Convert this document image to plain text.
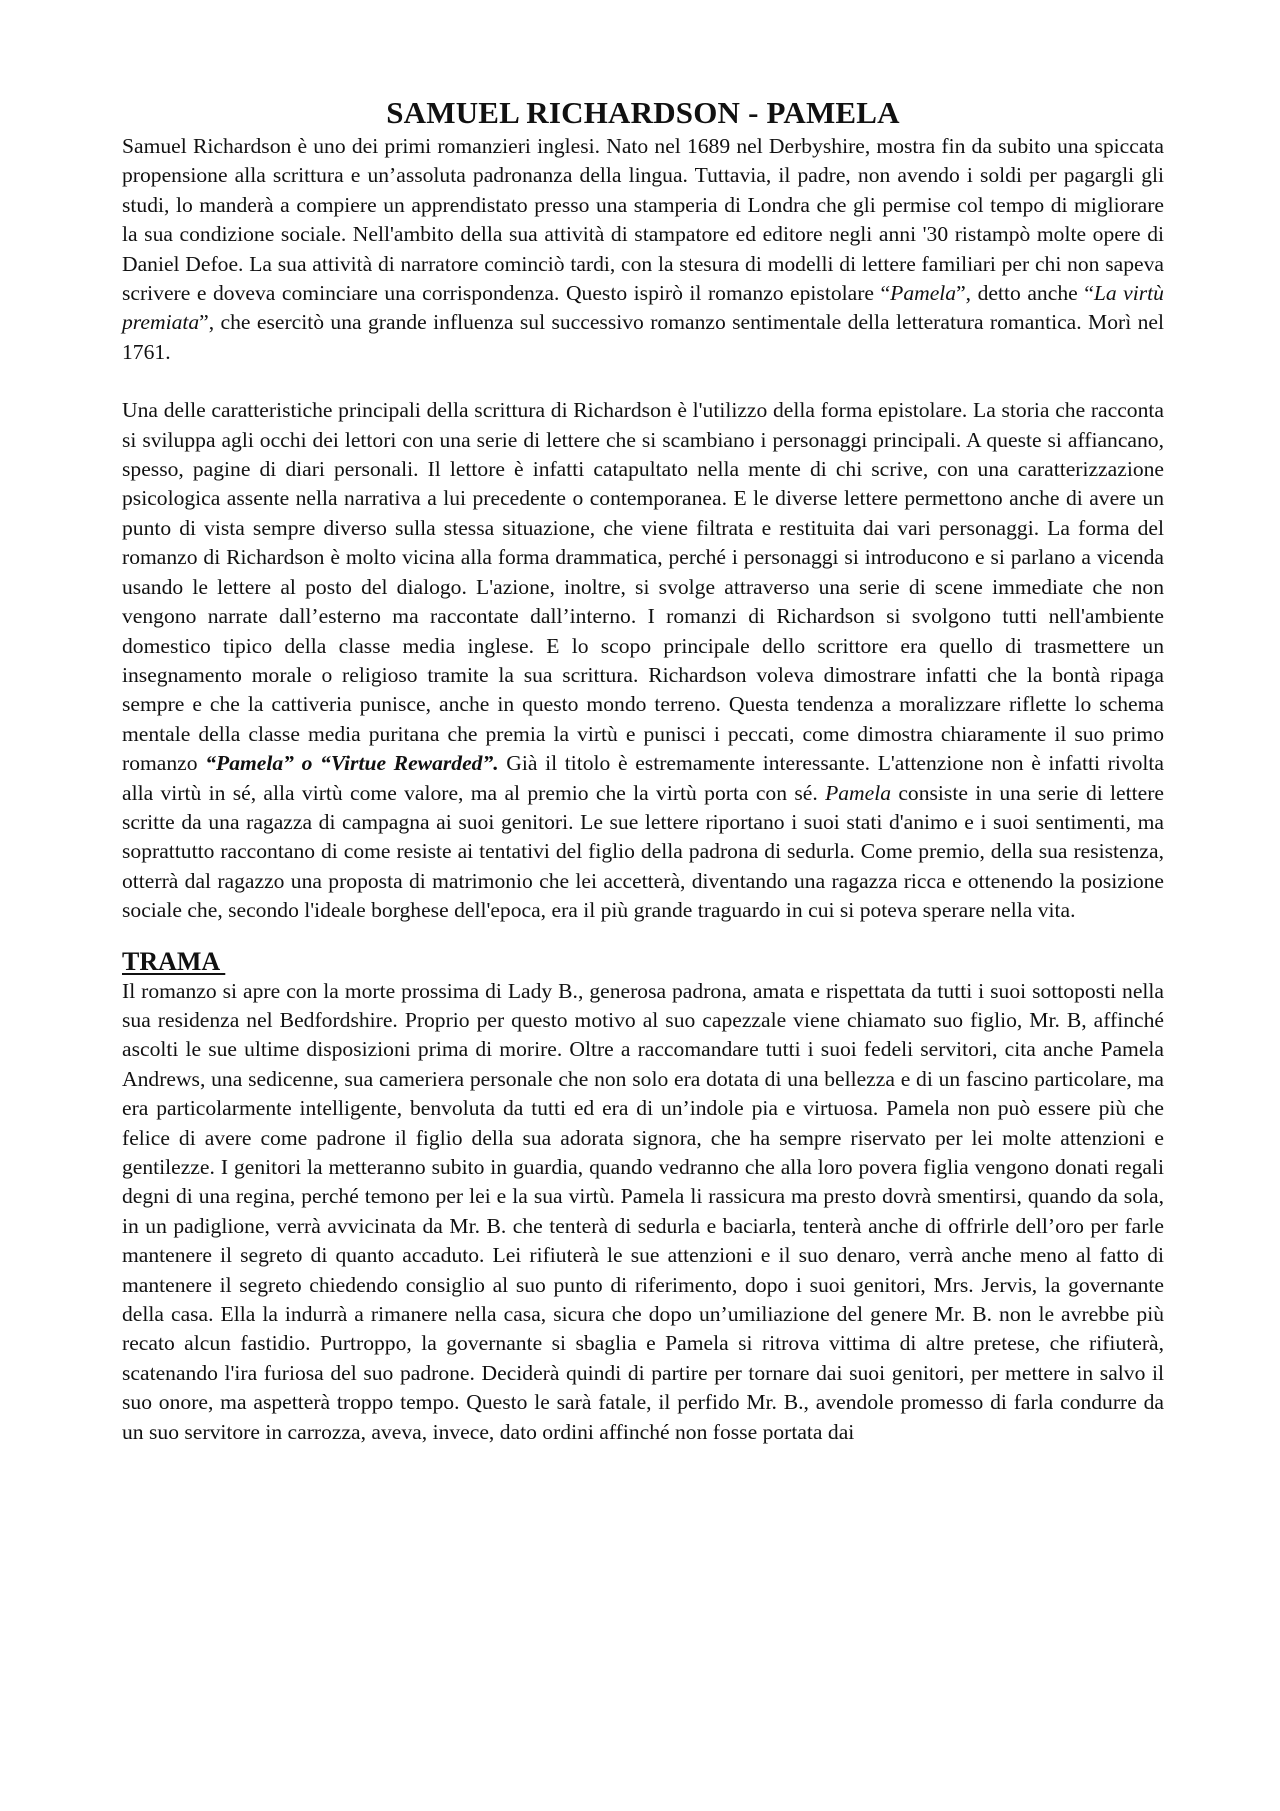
SAMUEL RICHARDSON - PAMELA

Samuel Richardson è uno dei primi romanzieri inglesi. Nato nel 1689 nel Derbyshire, mostra fin da subito una spiccata propensione alla scrittura e un’assoluta padronanza della lingua. Tuttavia, il padre, non avendo i soldi per pagargli gli studi, lo manderà a compiere un apprendistato presso una stamperia di Londra che gli permise col tempo di migliorare la sua condizione sociale. Nell'ambito della sua attività di stampatore ed editore negli anni '30 ristampò molte opere di Daniel Defoe. La sua attività di narratore cominciò tardi, con la stesura di modelli di lettere familiari per chi non sapeva scrivere e doveva cominciare una corrispondenza. Questo ispirò il romanzo epistolare “Pamela”, detto anche “La virtù premiata”, che esercitò una grande influenza sul successivo romanzo sentimentale della letteratura romantica. Morì nel 1761.

Una delle caratteristiche principali della scrittura di Richardson è l'utilizzo della forma epistolare. La storia che racconta si sviluppa agli occhi dei lettori con una serie di lettere che si scambiano i personaggi principali. A queste si affiancano, spesso, pagine di diari personali. Il lettore è infatti catapultato nella mente di chi scrive, con una caratterizzazione psicologica assente nella narrativa a lui precedente o contemporanea. E le diverse lettere permettono anche di avere un punto di vista sempre diverso sulla stessa situazione, che viene filtrata e restituita dai vari personaggi. La forma del romanzo di Richardson è molto vicina alla forma drammatica, perché i personaggi si introducono e si parlano a vicenda usando le lettere al posto del dialogo. L'azione, inoltre, si svolge attraverso una serie di scene immediate che non vengono narrate dall’esterno ma raccontate dall’interno. I romanzi di Richardson si svolgono tutti nell'ambiente domestico tipico della classe media inglese. E lo scopo principale dello scrittore era quello di trasmettere un insegnamento morale o religioso tramite la sua scrittura. Richardson voleva dimostrare infatti che la bontà ripaga sempre e che la cattiveria punisce, anche in questo mondo terreno. Questa tendenza a moralizzare riflette lo schema mentale della classe media puritana che premia la virtù e punisci i peccati, come dimostra chiaramente il suo primo romanzo “Pamela” o “Virtue Rewarded”. Già il titolo è estremamente interessante. L'attenzione non è infatti rivolta alla virtù in sé, alla virtù come valore, ma al premio che la virtù porta con sé. Pamela consiste in una serie di lettere scritte da una ragazza di campagna ai suoi genitori. Le sue lettere riportano i suoi stati d'animo e i suoi sentimenti, ma soprattutto raccontano di come resiste ai tentativi del figlio della padrona di sedurla. Come premio, della sua resistenza, otterrà dal ragazzo una proposta di matrimonio che lei accetterà, diventando una ragazza ricca e ottenendo la posizione sociale che, secondo l'ideale borghese dell'epoca, era il più grande traguardo in cui si poteva sperare nella vita.

TRAMA

Il romanzo si apre con la morte prossima di Lady B., generosa padrona, amata e rispettata da tutti i suoi sottoposti nella sua residenza nel Bedfordshire. Proprio per questo motivo al suo capezzale viene chiamato suo figlio, Mr. B, affinché ascolti le sue ultime disposizioni prima di morire. Oltre a raccomandare tutti i suoi fedeli servitori, cita anche Pamela Andrews, una sedicenne, sua cameriera personale che non solo era dotata di una bellezza e di un fascino particolare, ma era particolarmente intelligente, benvoluta da tutti ed era di un’indole pia e virtuosa. Pamela non può essere più che felice di avere come padrone il figlio della sua adorata signora, che ha sempre riservato per lei molte attenzioni e gentilezze. I genitori la metteranno subito in guardia, quando vedranno che alla loro povera figlia vengono donati regali degni di una regina, perché temono per lei e la sua virtù. Pamela li rassicura ma presto dovrà smentirsi, quando da sola, in un padiglione, verrà avvicinata da Mr. B. che tenterà di sedurla e baciarla, tenterà anche di offrirle dell’oro per farle mantenere il segreto di quanto accaduto. Lei rifiuterà le sue attenzioni e il suo denaro, verrà anche meno al fatto di mantenere il segreto chiedendo consiglio al suo punto di riferimento, dopo i suoi genitori, Mrs. Jervis, la governante della casa. Ella la indurrà a rimanere nella casa, sicura che dopo un’umiliazione del genere Mr. B. non le avrebbe più recato alcun fastidio. Purtroppo, la governante si sbaglia e Pamela si ritrova vittima di altre pretese, che rifiuterà, scatenando l'ira furiosa del suo padrone. Deciderà quindi di partire per tornare dai suoi genitori, per mettere in salvo il suo onore, ma aspetterà troppo tempo. Questo le sarà fatale, il perfido Mr. B., avendole promesso di farla condurre da un suo servitore in carrozza, aveva, invece, dato ordini affinché non fosse portata dai
